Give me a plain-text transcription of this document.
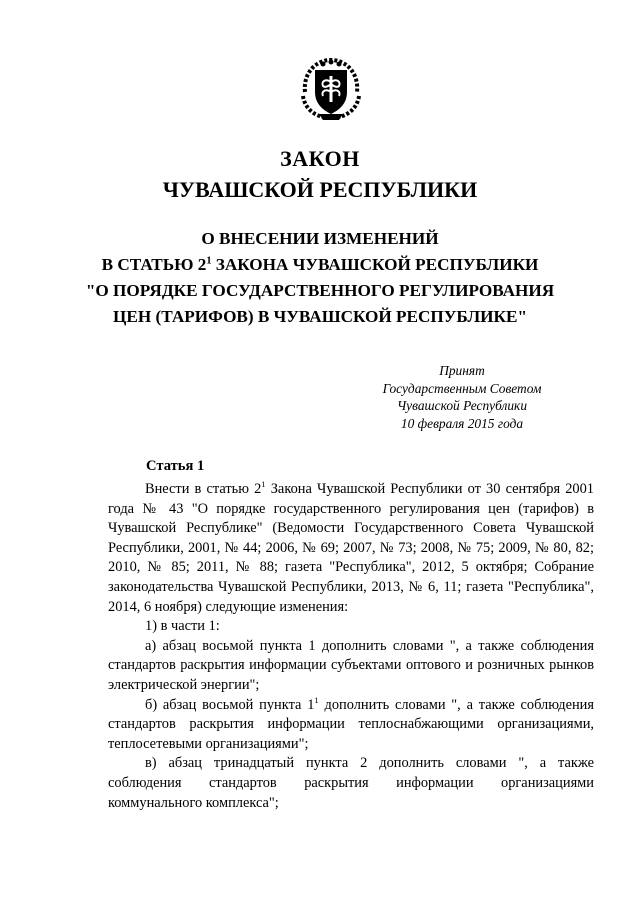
ЗАКОН
ЧУВАШСКОЙ РЕСПУБЛИКИ
О ВНЕСЕНИИ ИЗМЕНЕНИЙ
В СТАТЬЮ $2^1$ ЗАКОНА ЧУВАШСКОЙ РЕСПУБЛИКИ
"О ПОРЯДКЕ ГОСУДАРСТВЕННОГО РЕГУЛИРОВАНИЯ
ЦЕН (ТАРИФОВ) В ЧУВАШСКОЙ РЕСПУБЛИКЕ"
Принят
Государственным Советом
Чувашской Республики
10 февраля 2015 года
Статья 1
Внести в статью $2^1$ Закона Чувашской Республики от 30 сентября 2001 года № 43 "О порядке государственного регулирования цен (тарифов) в Чувашской Республике" (Ведомости Государственного Совета Чувашской Республики, 2001, № 44; 2006, № 69; 2007, № 73; 2008, № 75; 2009, № 80, 82; 2010, № 85; 2011, № 88; газета "Республика", 2012, 5 октября; Собрание законодательства Чувашской Республики, 2013, № 6, 11; газета "Республика", 2014, 6 ноября) следующие изменения:
1) в части 1:
а) абзац восьмой пункта 1 дополнить словами ", а также соблюдения стандартов раскрытия информации субъектами оптового и розничных рынков электрической энергии";
б) абзац восьмой пункта $1^1$ дополнить словами ", а также соблюдения стандартов раскрытия информации теплоснабжающими организациями, теплосетевыми организациями";
в) абзац тринадцатый пункта 2 дополнить словами ", а также соблюдения стандартов раскрытия информации организациями коммунального комплекса";
